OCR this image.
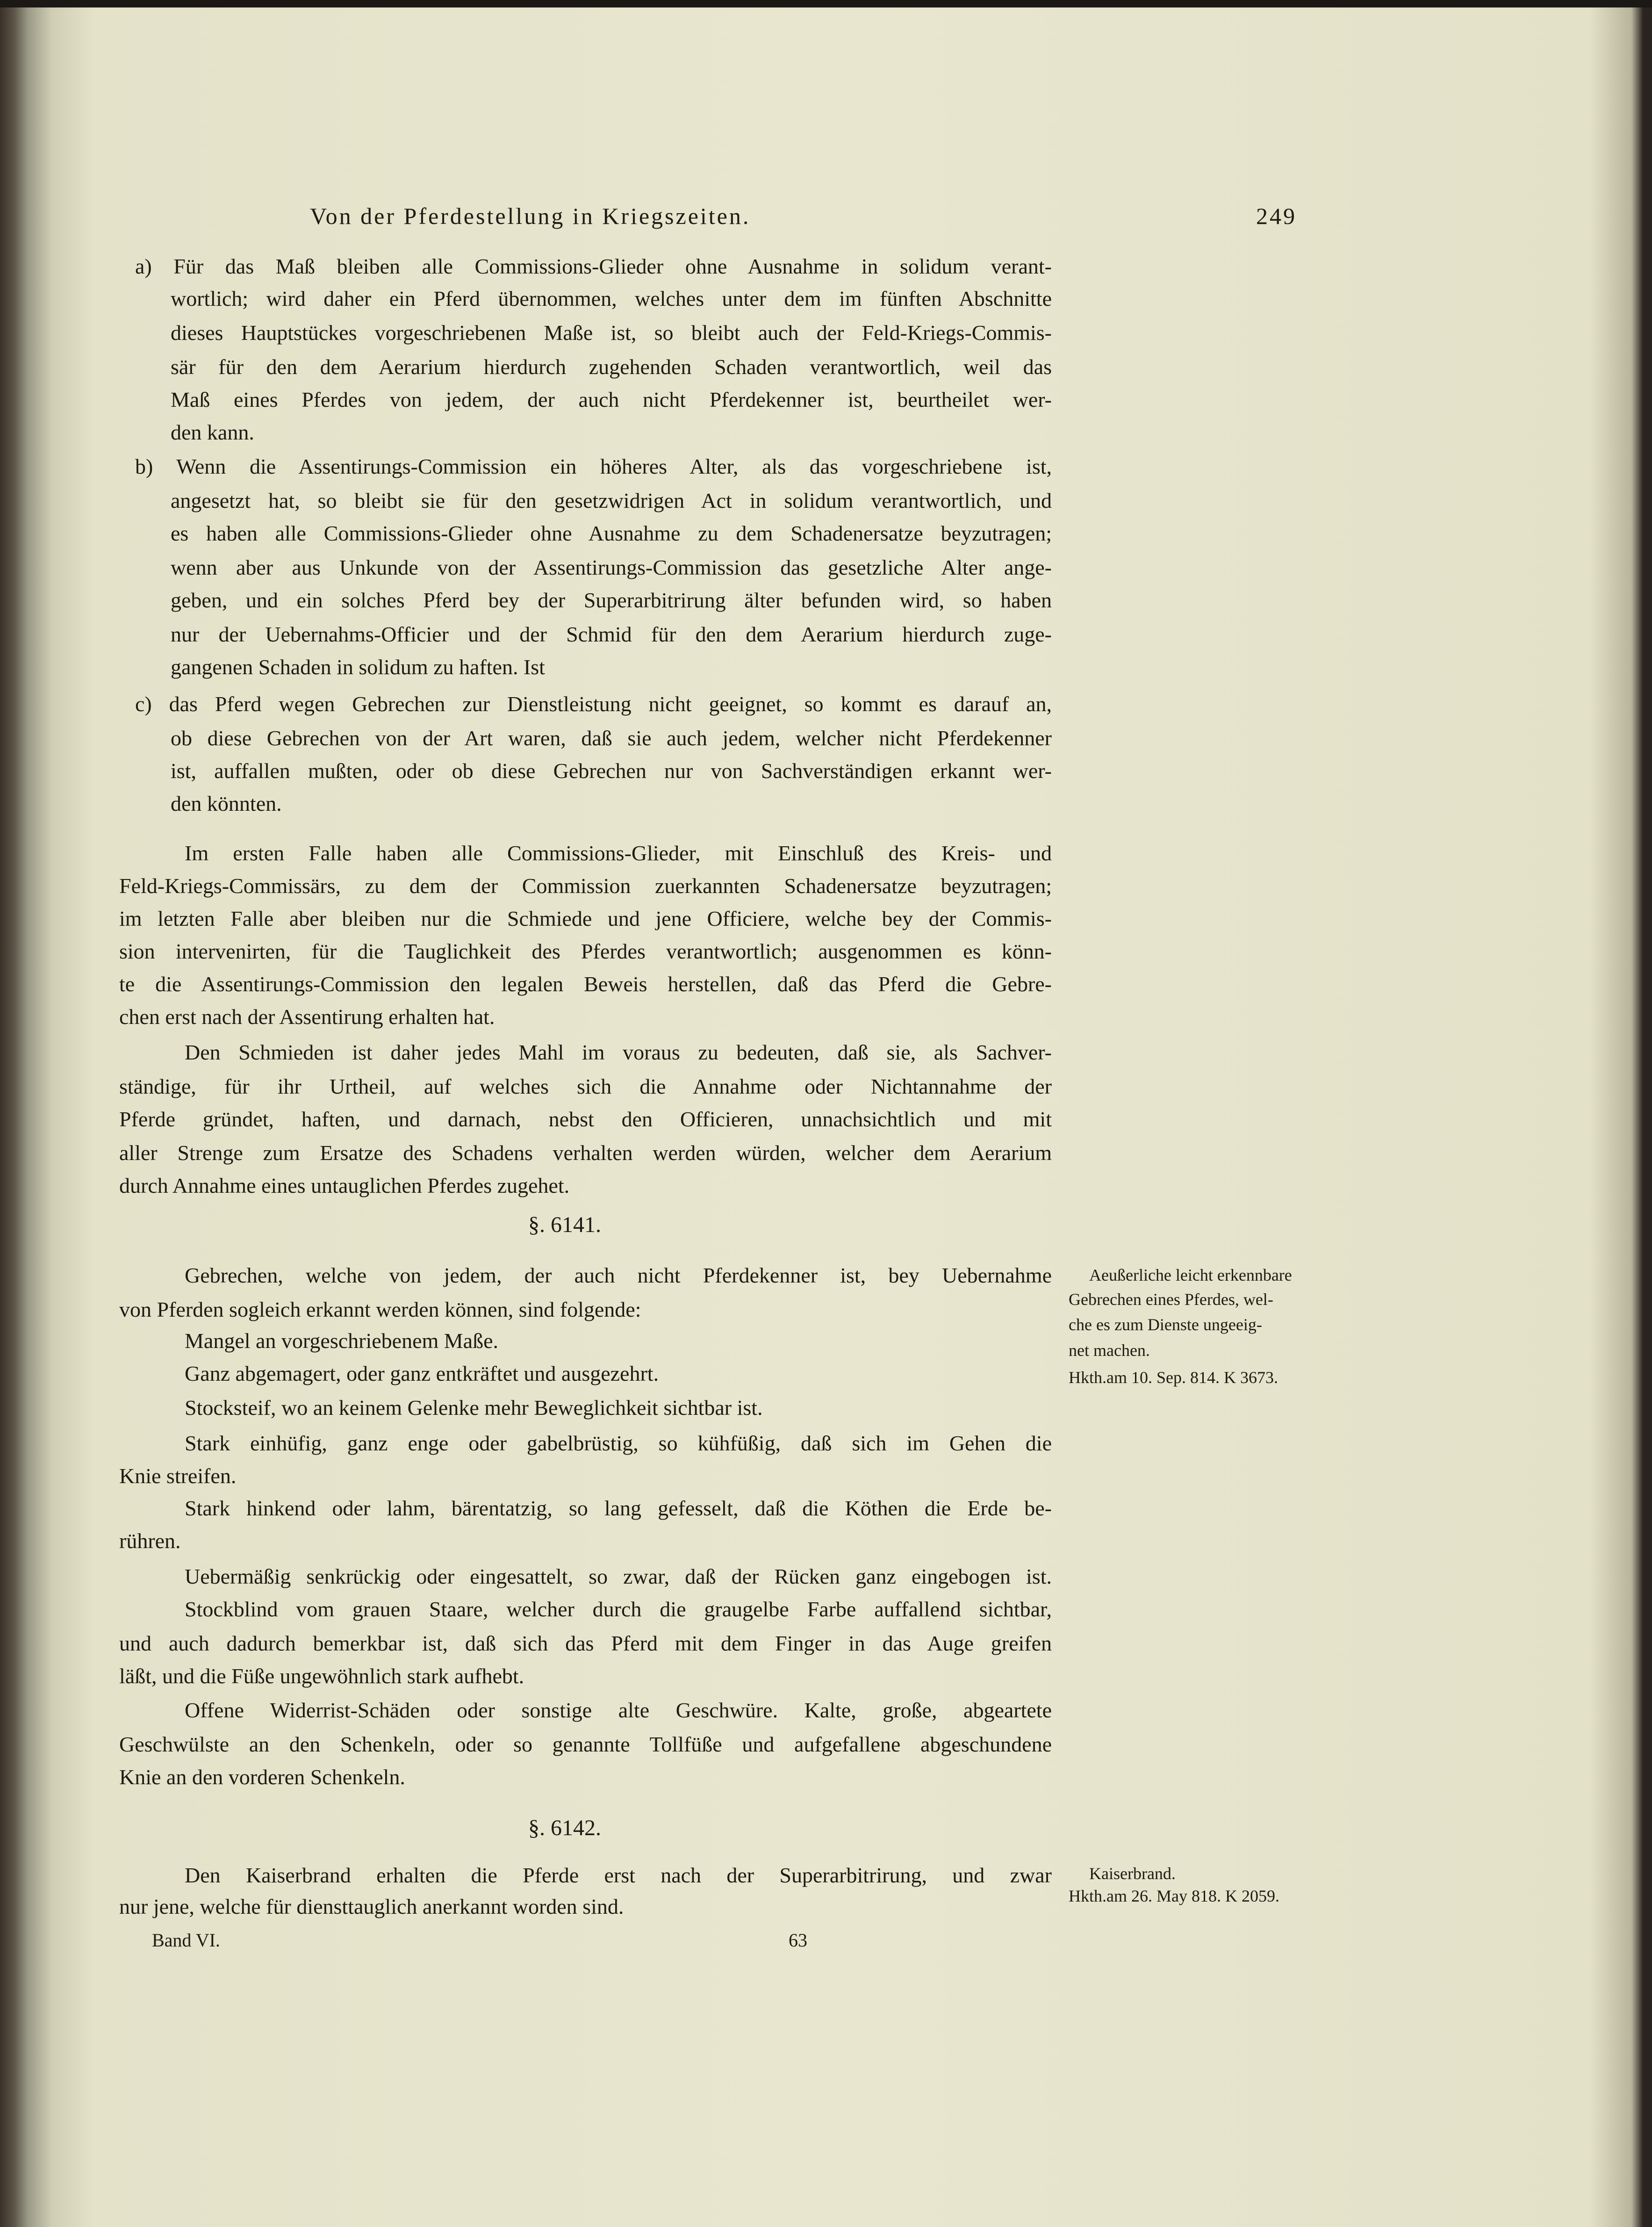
Von der Pferdestellung in Kriegszeiten.	249
a) Für das Maß bleiben alle Commissions-Glieder ohne Ausnahme in solidum verant-
wortlich; wird daher ein Pferd übernommen, welches unter dem im fünften Abschnitte
dieses Hauptstückes vorgeschriebenen Maße ist, so bleibt auch der Feld-Kriegs-Commis-
sär für den dem Aerarium hierdurch zugehenden Schaden verantwortlich, weil das
Maß eines Pferdes von jedem, der auch nicht Pferdekenner ist, beurtheilet wer-
den kann.
b) Wenn die Assentirungs-Commission ein höheres Alter, als das vorgeschriebene ist,
angesetzt hat, so bleibt sie für den gesetzwidrigen Act in solidum verantwortlich, und
es haben alle Commissions-Glieder ohne Ausnahme zu dem Schadenersatze beyzutragen;
wenn aber aus Unkunde von der Assentirungs-Commission das gesetzliche Alter ange-
geben, und ein solches Pferd bey der Superarbitrirung älter befunden wird, so haben
nur der Uebernahms-Officier und der Schmid für den dem Aerarium hierdurch zuge-
gangenen Schaden in solidum zu haften. Ist
c) das Pferd wegen Gebrechen zur Dienstleistung nicht geeignet, so kommt es darauf an,
ob diese Gebrechen von der Art waren, daß sie auch jedem, welcher nicht Pferdekenner
ist, auffallen mußten, oder ob diese Gebrechen nur von Sachverständigen erkannt wer-
den könnten.
Im ersten Falle haben alle Commissions-Glieder, mit Einschluß des Kreis- und
Feld-Kriegs-Commissärs, zu dem der Commission zuerkannten Schadenersatze beyzutragen;
im letzten Falle aber bleiben nur die Schmiede und jene Officiere, welche bey der Commis-
sion intervenirten, für die Tauglichkeit des Pferdes verantwortlich; ausgenommen es könn-
te die Assentirungs-Commission den legalen Beweis herstellen, daß das Pferd die Gebre-
chen erst nach der Assentirung erhalten hat.
Den Schmieden ist daher jedes Mahl im voraus zu bedeuten, daß sie, als Sachver-
ständige, für ihr Urtheil, auf welches sich die Annahme oder Nichtannahme der
Pferde gründet, haften, und darnach, nebst den Officieren, unnachsichtlich und mit
aller Strenge zum Ersatze des Schadens verhalten werden würden, welcher dem Aerarium
durch Annahme eines untauglichen Pferdes zugehet.
Gebrechen, welche von jedem, der auch nicht Pferdekenner ist, bey Uebernahme
von Pferden sogleich erkannt werden können, sind folgende:
Mangel an vorgeschriebenem Maße.
Ganz abgemagert, oder ganz entkräftet und ausgezehrt.
Stocksteif, wo an keinem Gelenke mehr Beweglichkeit sichtbar ist.
Stark einhüfig, ganz enge oder gabelbrüstig, so kühfüßig, daß sich im Gehen die
Knie streifen.
Stark hinkend oder lahm, bärentatzig, so lang gefesselt, daß die Köthen die Erde be-
rühren.
Uebermäßig senkrückig oder eingesattelt, so zwar, daß der Rücken ganz eingebogen ist.
Stockblind vom grauen Staare, welcher durch die graugelbe Farbe auffallend sichtbar,
und auch dadurch bemerkbar ist, daß sich das Pferd mit dem Finger in das Auge greifen
läßt, und die Füße ungewöhnlich stark aufhebt.
Offene Widerrist-Schäden oder sonstige alte Geschwüre. Kalte, große, abgeartete
Geschwülste an den Schenkeln, oder so genannte Tollfüße und aufgefallene abgeschundene
Knie an den vorderen Schenkeln.
Den Kaiserbrand erhalten die Pferde erst nach der Superarbitrirung, und zwar
nur jene, welche für diensttauglich anerkannt worden sind.
§. 6141.
§. 6142.
Aeußerliche leicht erkennbare
Gebrechen eines Pferdes, wel-
che es zum Dienste ungeeig-
net machen.
Hkth.am 10. Sep. 814. K 3673.
Kaiserbrand.
Hkth.am 26. May 818. K 2059.
Band VI.	63
